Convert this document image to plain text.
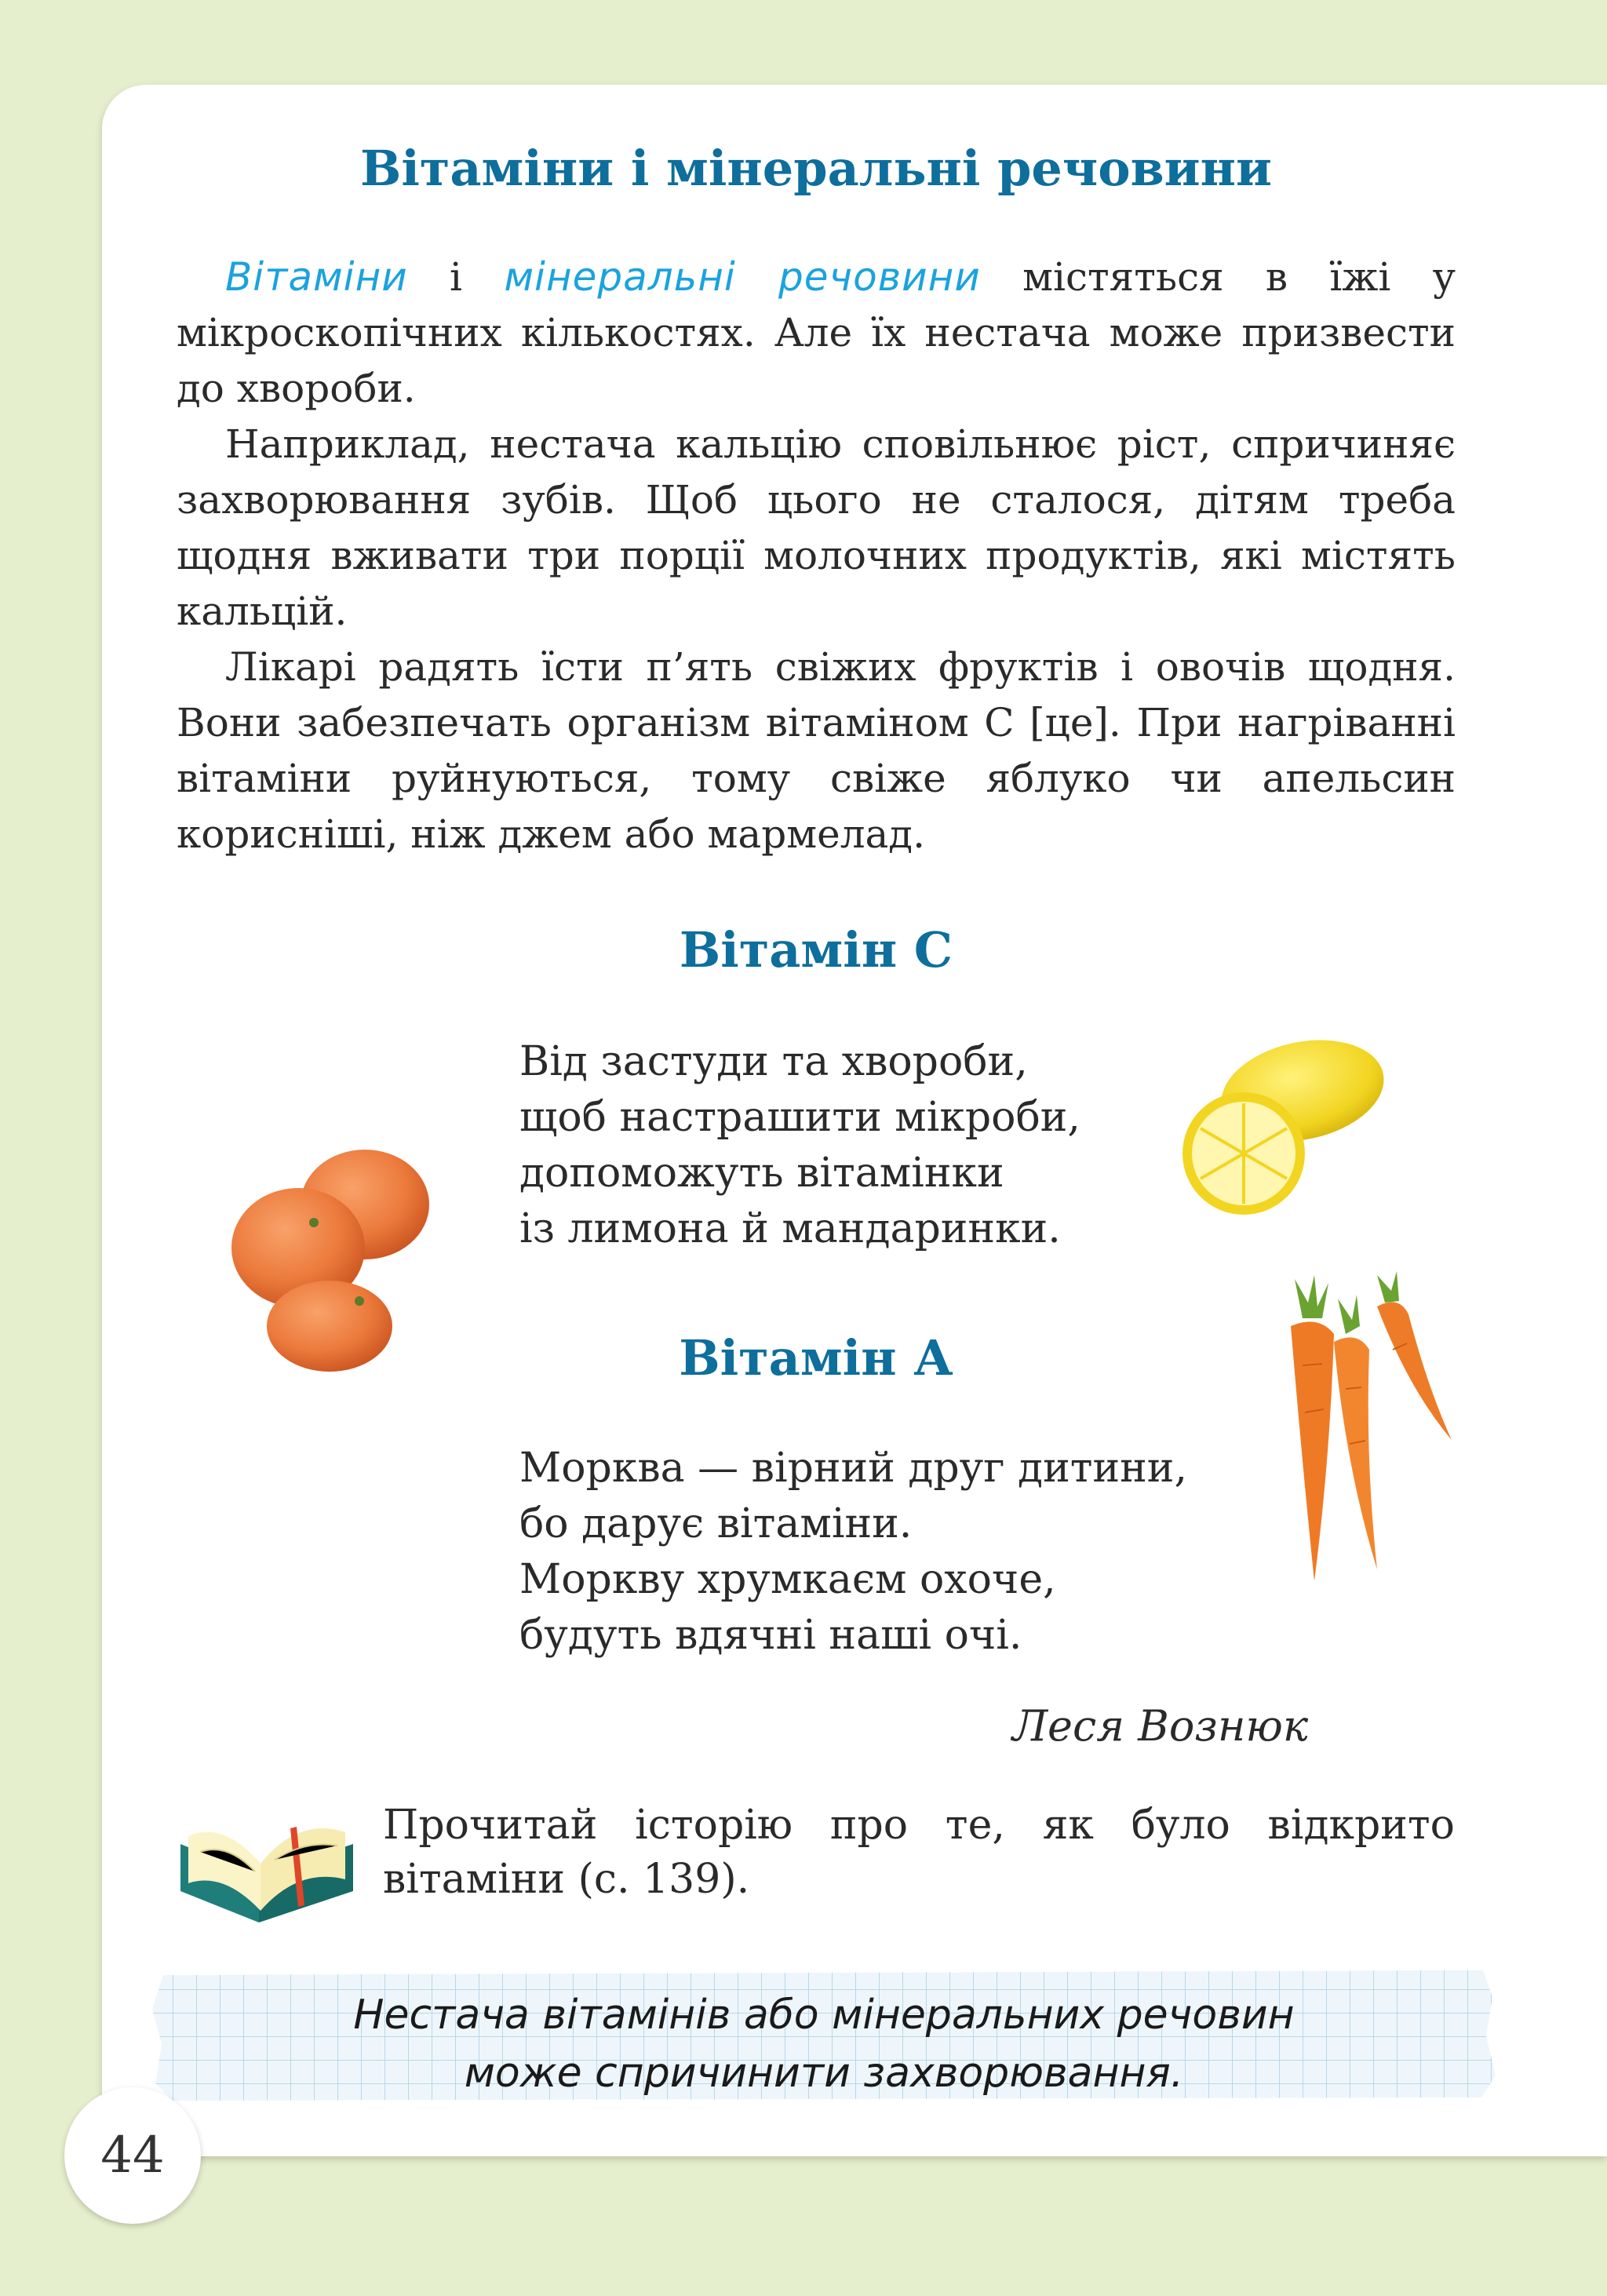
Вітаміни і мінеральні речовини

Вітаміни і мінеральні речовини містяться в їжі у мікроскопічних кількостях. Але їх нестача може призвести до хвороби.

Наприклад, нестача кальцію сповільнює ріст, спричиняє захворювання зубів. Щоб цього не сталося, дітям треба щодня вживати три порції молочних продуктів, які містять кальцій.

Лікарі радять їсти п’ять свіжих фруктів і овочів щодня. Вони забезпечать організм вітаміном С [це]. При нагріванні вітаміни руйнуються, тому свіже яблуко чи апельсин корисніші, ніж джем або мармелад.

Вітамін С
Від застуди та хвороби,
щоб настрашити мікроби,
допоможуть вітамінки
із лимона й мандаринки.
Вітамін А
Морква — вірний друг дитини,
бо дарує вітаміни.
Моркву хрумкаєм охоче,
будуть вдячні наші очі.

Леся Вознюк

Прочитай історію про те, як було відкрито вітаміни (с. 139).

Нестача вітамінів або мінеральних речовин
може спричинити захворювання.
44
